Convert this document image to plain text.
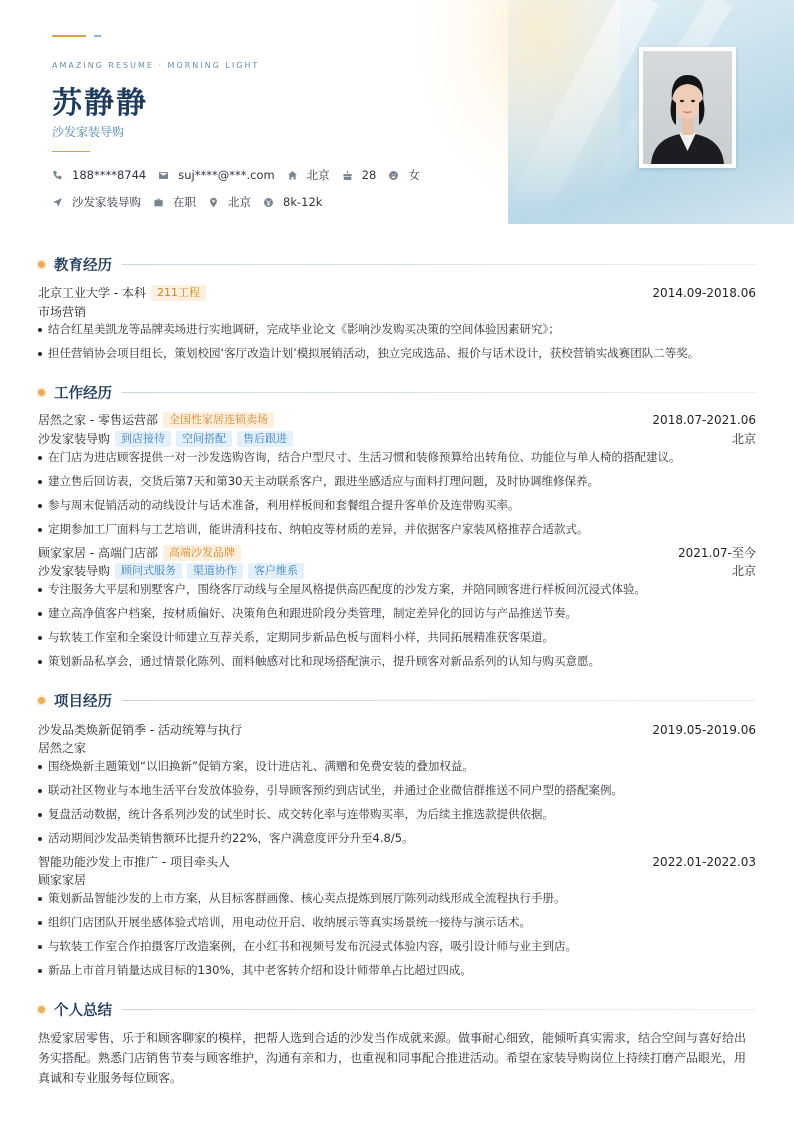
AMAZING RESUME · MORNING LIGHT
苏静静
沙发家装导购
188****8744	suj****@***.com	北京	28	女
沙发家装导购	在职	北京	8k-12k
教育经历
北京工业大学 - 本科	211工程	2014.09-2018.06
市场营销
结合红星美凯龙等品牌卖场进行实地调研，完成毕业论文《影响沙发购买决策的空间体验因素研究》；
担任营销协会项目组长，策划校园‘客厅改造计划’模拟展销活动，独立完成选品、报价与话术设计，获校营销实战赛团队二等奖。
工作经历
居然之家 - 零售运营部	全国性家居连锁卖场	2018.07-2021.06
沙发家装导购	到店接待	空间搭配	售后跟进	北京
在门店为进店顾客提供一对一沙发选购咨询，结合户型尺寸、生活习惯和装修预算给出转角位、功能位与单人椅的搭配建议。
建立售后回访表，交货后第7天和第30天主动联系客户，跟进坐感适应与面料打理问题，及时协调维修保养。
参与周末促销活动的动线设计与话术准备，利用样板间和套餐组合提升客单价及连带购买率。
定期参加工厂面料与工艺培训，能讲清科技布、纳帕皮等材质的差异，并依据客户家装风格推荐合适款式。
顾家家居 - 高端门店部	高端沙发品牌	2021.07-至今
沙发家装导购	顾问式服务	渠道协作	客户维系	北京
专注服务大平层和别墅客户，围绕客厅动线与全屋风格提供高匹配度的沙发方案，并陪同顾客进行样板间沉浸式体验。
建立高净值客户档案，按材质偏好、决策角色和跟进阶段分类管理，制定差异化的回访与产品推送节奏。
与软装工作室和全案设计师建立互荐关系，定期同步新品色板与面料小样，共同拓展精准获客渠道。
策划新品私享会，通过情景化陈列、面料触感对比和现场搭配演示，提升顾客对新品系列的认知与购买意愿。
项目经历
沙发品类焕新促销季 - 活动统筹与执行	2019.05-2019.06
居然之家
围绕焕新主题策划“以旧换新”促销方案，设计进店礼、满赠和免费安装的叠加权益。
联动社区物业与本地生活平台发放体验券，引导顾客预约到店试坐，并通过企业微信群推送不同户型的搭配案例。
复盘活动数据，统计各系列沙发的试坐时长、成交转化率与连带购买率，为后续主推选款提供依据。
活动期间沙发品类销售额环比提升约22%，客户满意度评分升至4.8/5。
智能功能沙发上市推广 - 项目牵头人	2022.01-2022.03
顾家家居
策划新品智能沙发的上市方案，从目标客群画像、核心卖点提炼到展厅陈列动线形成全流程执行手册。
组织门店团队开展坐感体验式培训，用电动位开启、收纳展示等真实场景统一接待与演示话术。
与软装工作室合作拍摄客厅改造案例，在小红书和视频号发布沉浸式体验内容，吸引设计师与业主到店。
新品上市首月销量达成目标的130%，其中老客转介绍和设计师带单占比超过四成。
个人总结
热爱家居零售，乐于和顾客聊家的模样，把帮人选到合适的沙发当作成就来源。做事耐心细致，能倾听真实需求，结合空间与喜好给出务实搭配。熟悉门店销售节奏与顾客维护，沟通有亲和力，也重视和同事配合推进活动。希望在家装导购岗位上持续打磨产品眼光，用真诚和专业服务每位顾客。
